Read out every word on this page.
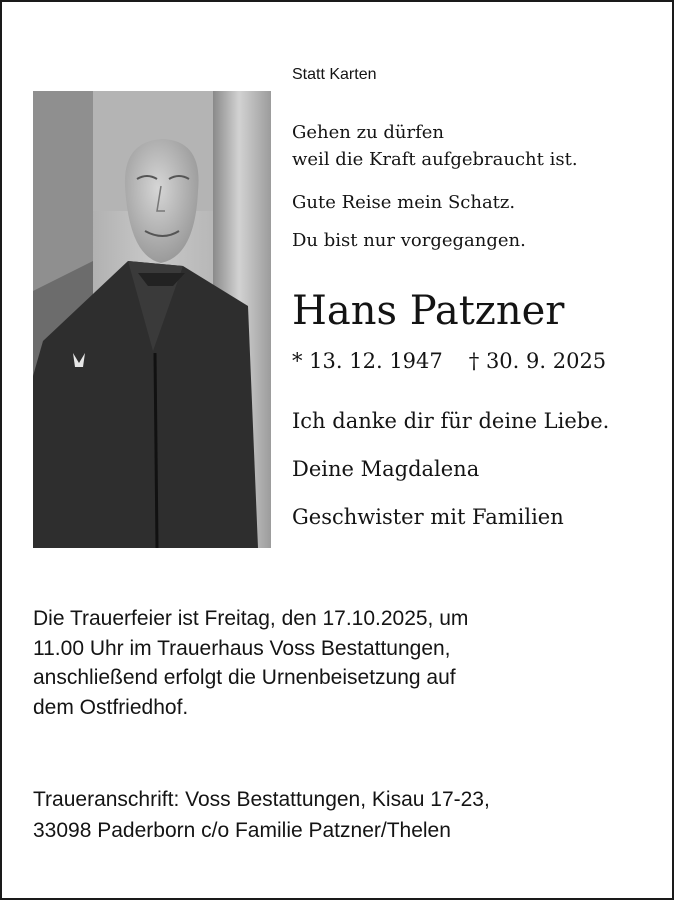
Statt Karten
Gehen zu dürfen
weil die Kraft aufgebraucht ist.
Gute Reise mein Schatz.
Du bist nur vorgegangen.
Hans Patzner
* 13. 12. 1947 † 30. 9. 2025
Ich danke dir für deine Liebe.
Deine Magdalena
Geschwister mit Familien
Die Trauerfeier ist Freitag, den 17.10.2025, um
11.00 Uhr im Trauerhaus Voss Bestattungen,
anschließend erfolgt die Urnenbeisetzung auf
dem Ostfriedhof.
Traueranschrift: Voss Bestattungen, Kisau 17-23,
33098 Paderborn c/o Familie Patzner/Thelen
